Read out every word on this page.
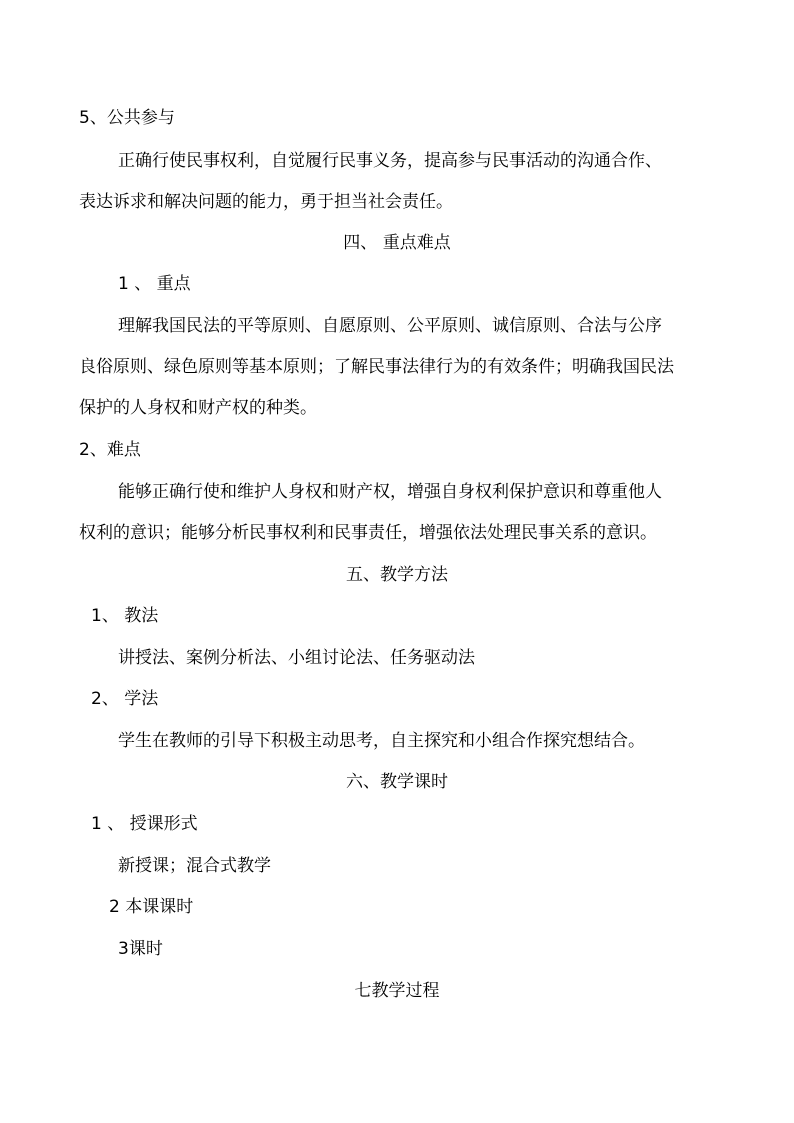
5、公共参与
正确行使民事权利，自觉履行民事义务，提高参与民事活动的沟通合作、
表达诉求和解决问题的能力，勇于担当社会责任。
四、 重点难点
1 、 重点
理解我国民法的平等原则、自愿原则、公平原则、诚信原则、合法与公序
良俗原则、绿色原则等基本原则；了解民事法律行为的有效条件；明确我国民法
保护的人身权和财产权的种类。
2、难点
能够正确行使和维护人身权和财产权，增强自身权利保护意识和尊重他人
权利的意识；能够分析民事权利和民事责任，增强依法处理民事关系的意识。
五、教学方法
1、 教法
讲授法、案例分析法、小组讨论法、任务驱动法
2、 学法
学生在教师的引导下积极主动思考，自主探究和小组合作探究想结合。
六、教学课时
1 、 授课形式
新授课；混合式教学
2 本课课时
3课时
七教学过程
